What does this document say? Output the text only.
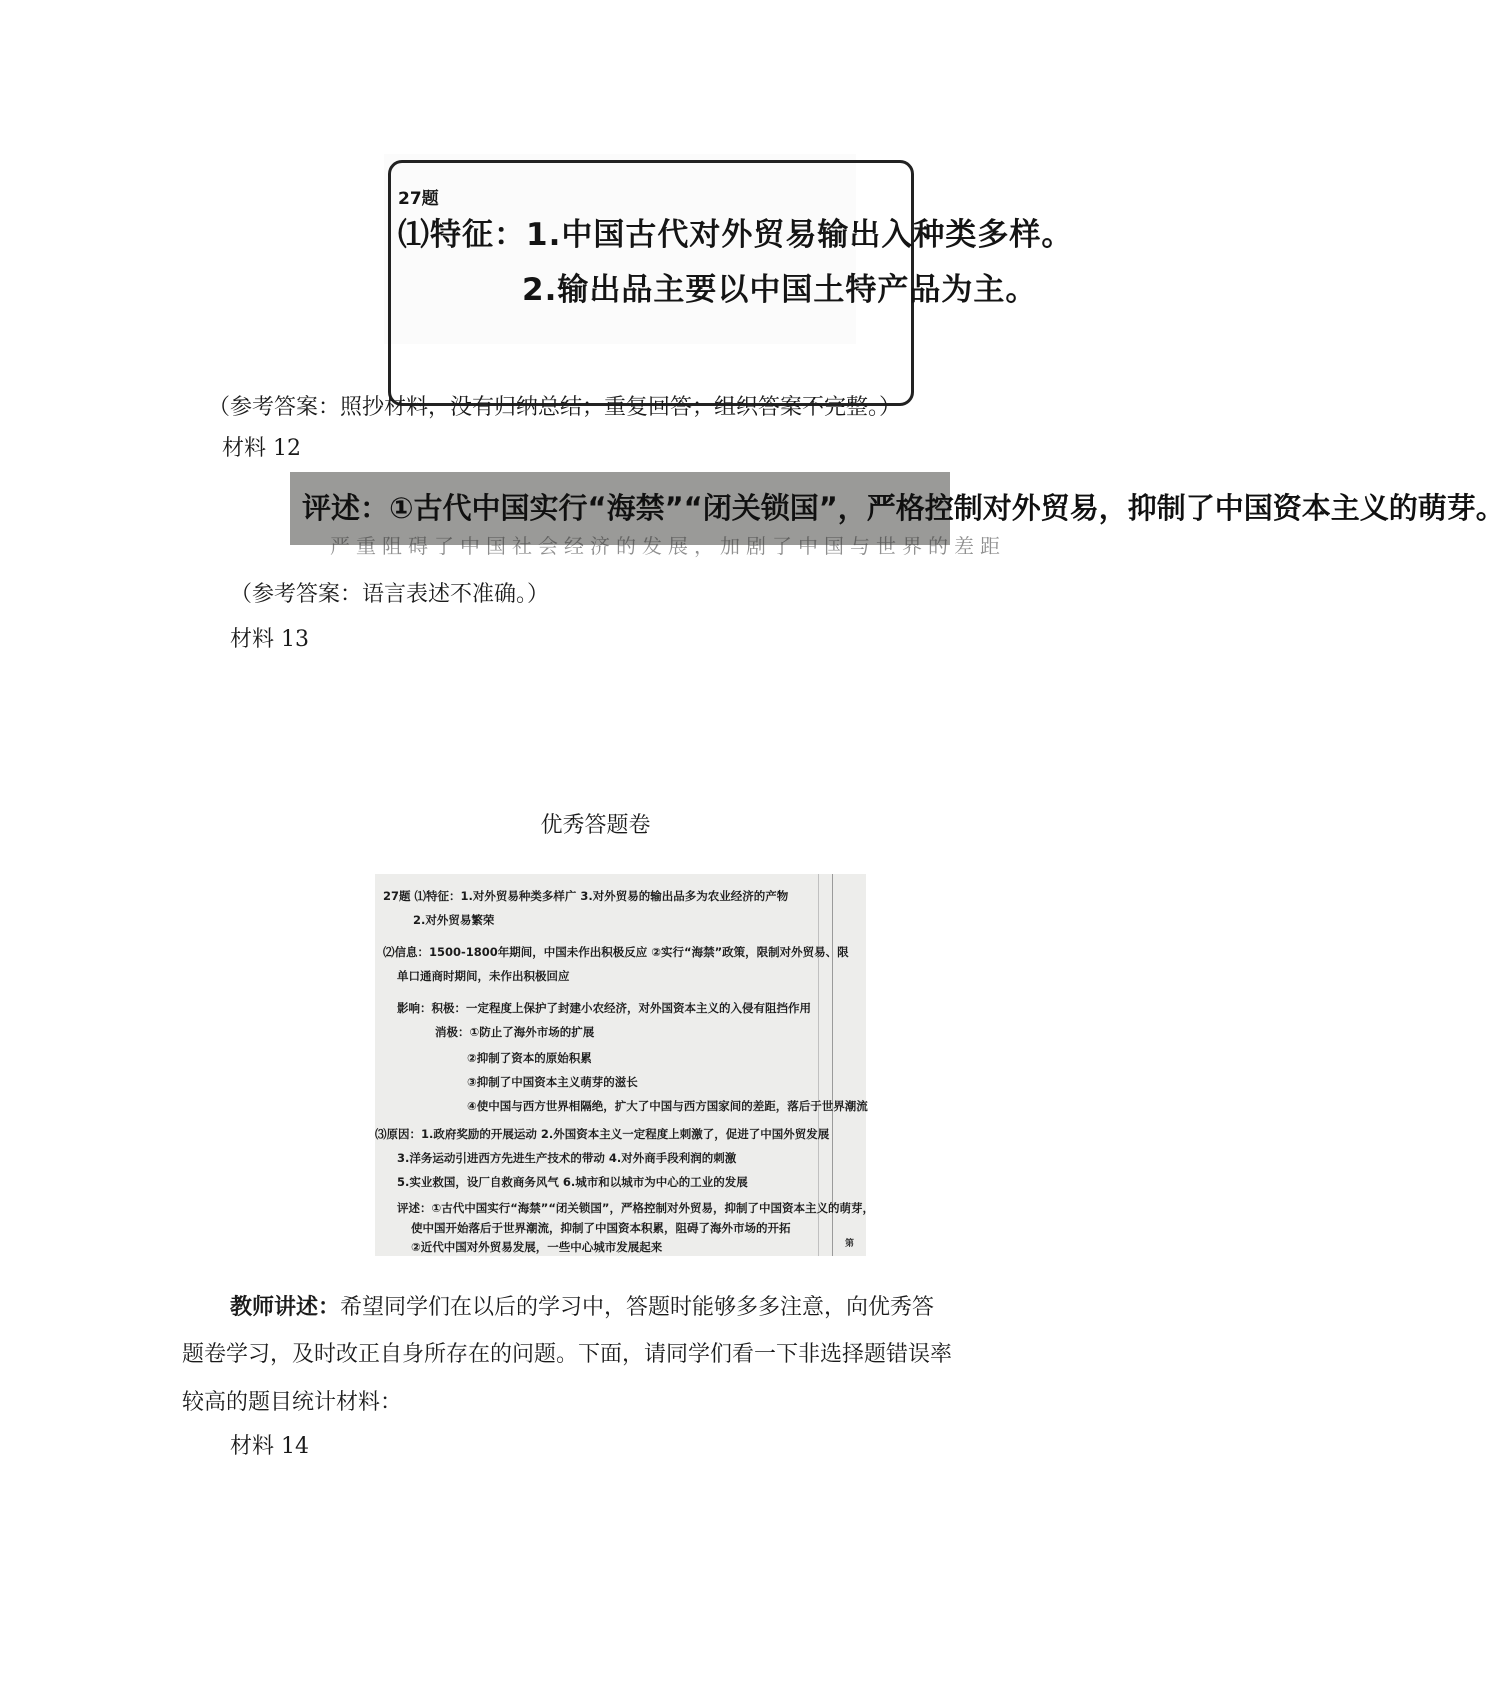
27题
⑴特征：1.中国古代对外贸易输出入种类多样。
2.输出品主要以中国土特产品为主。
（参考答案：照抄材料，没有归纳总结；重复回答；组织答案不完整。）
材料 12
评述：①古代中国实行“海禁”“闭关锁国”，严格控制对外贸易，抑制了中国资本主义的萌芽。
严重阻碍了中国社会经济的发展，加剧了中国与世界的差距
（参考答案：语言表述不准确。）
材料 13
优秀答题卷
27题 ⑴特征：1.对外贸易种类多样广 3.对外贸易的输出品多为农业经济的产物
2.对外贸易繁荣
⑵信息：1500-1800年期间，中国未作出积极反应 ②实行“海禁”政策，限制对外贸易、限
单口通商时期间，未作出积极回应
影响：积极：一定程度上保护了封建小农经济，对外国资本主义的入侵有阻挡作用
消极：①防止了海外市场的扩展
②抑制了资本的原始积累
③抑制了中国资本主义萌芽的滋长
④使中国与西方世界相隔绝，扩大了中国与西方国家间的差距，落后于世界潮流
⑶原因：1.政府奖励的开展运动 2.外国资本主义一定程度上刺激了，促进了中国外贸发展
3.洋务运动引进西方先进生产技术的带动 4.对外商手段利润的刺激
5.实业救国，设厂自救商务风气 6.城市和以城市为中心的工业的发展
评述：①古代中国实行“海禁”“闭关锁国”，严格控制对外贸易，抑制了中国资本主义的萌芽，
使中国开始落后于世界潮流，抑制了中国资本积累，阻碍了海外市场的开拓
②近代中国对外贸易发展，一些中心城市发展起来	第
教师讲述：希望同学们在以后的学习中，答题时能够多多注意，向优秀答
题卷学习，及时改正自身所存在的问题。下面，请同学们看一下非选择题错误率
较高的题目统计材料：
材料 14
